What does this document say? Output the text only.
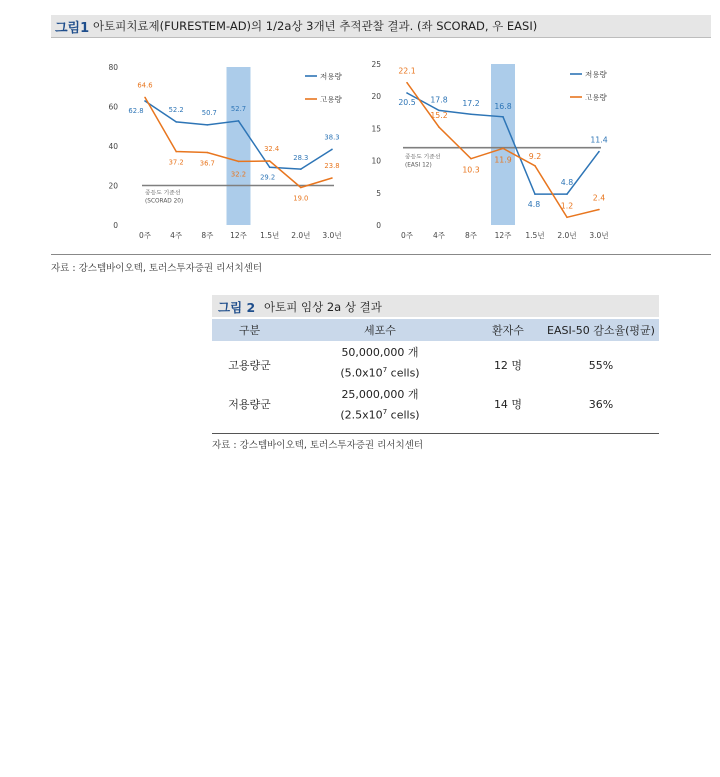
그림1 아토피치료제(FURESTEM-AD)의 1/2a상 3개년 추적관찰 결과. (좌 SCORAD, 우 EASI)
0
20
40
60
80
0주	4주	8주 12주 1.5년 2.0년 3.0년
중등도 기준선
(SCORAD 20)
62.8	52.2	50.7 52.7
29.2
28.3
38.3
저용량
64.6
37.2 36.7
32.2
32.4
19.0
23.8
고용량
0
5
10
15
20
25
0주	4주	8주 12주 1.5년 2.0년 3.0년
중등도 기준선
(EASI 12)
20.5 17.8 17.2 16.8
4.8
4.8
11.4
저용량
22.1
15.2
10.3
11.9 9.2
1.2
2.4
고용량
자료 : 강스템바이오텍, 토러스투자증권 리서치센터
그림 2 아토피 임상 2a 상 결과
구분	세포수	환자수	EASI-50 감소율(평균)
고용량군	50,000,000 개	12 명	55%
	($5.0x10^7$ cells)		
저용량군	25,000,000 개	14 명	36%
	($2.5x10^7$ cells)		
자료 : 강스템바이오텍, 토러스투자증권 리서치센터
